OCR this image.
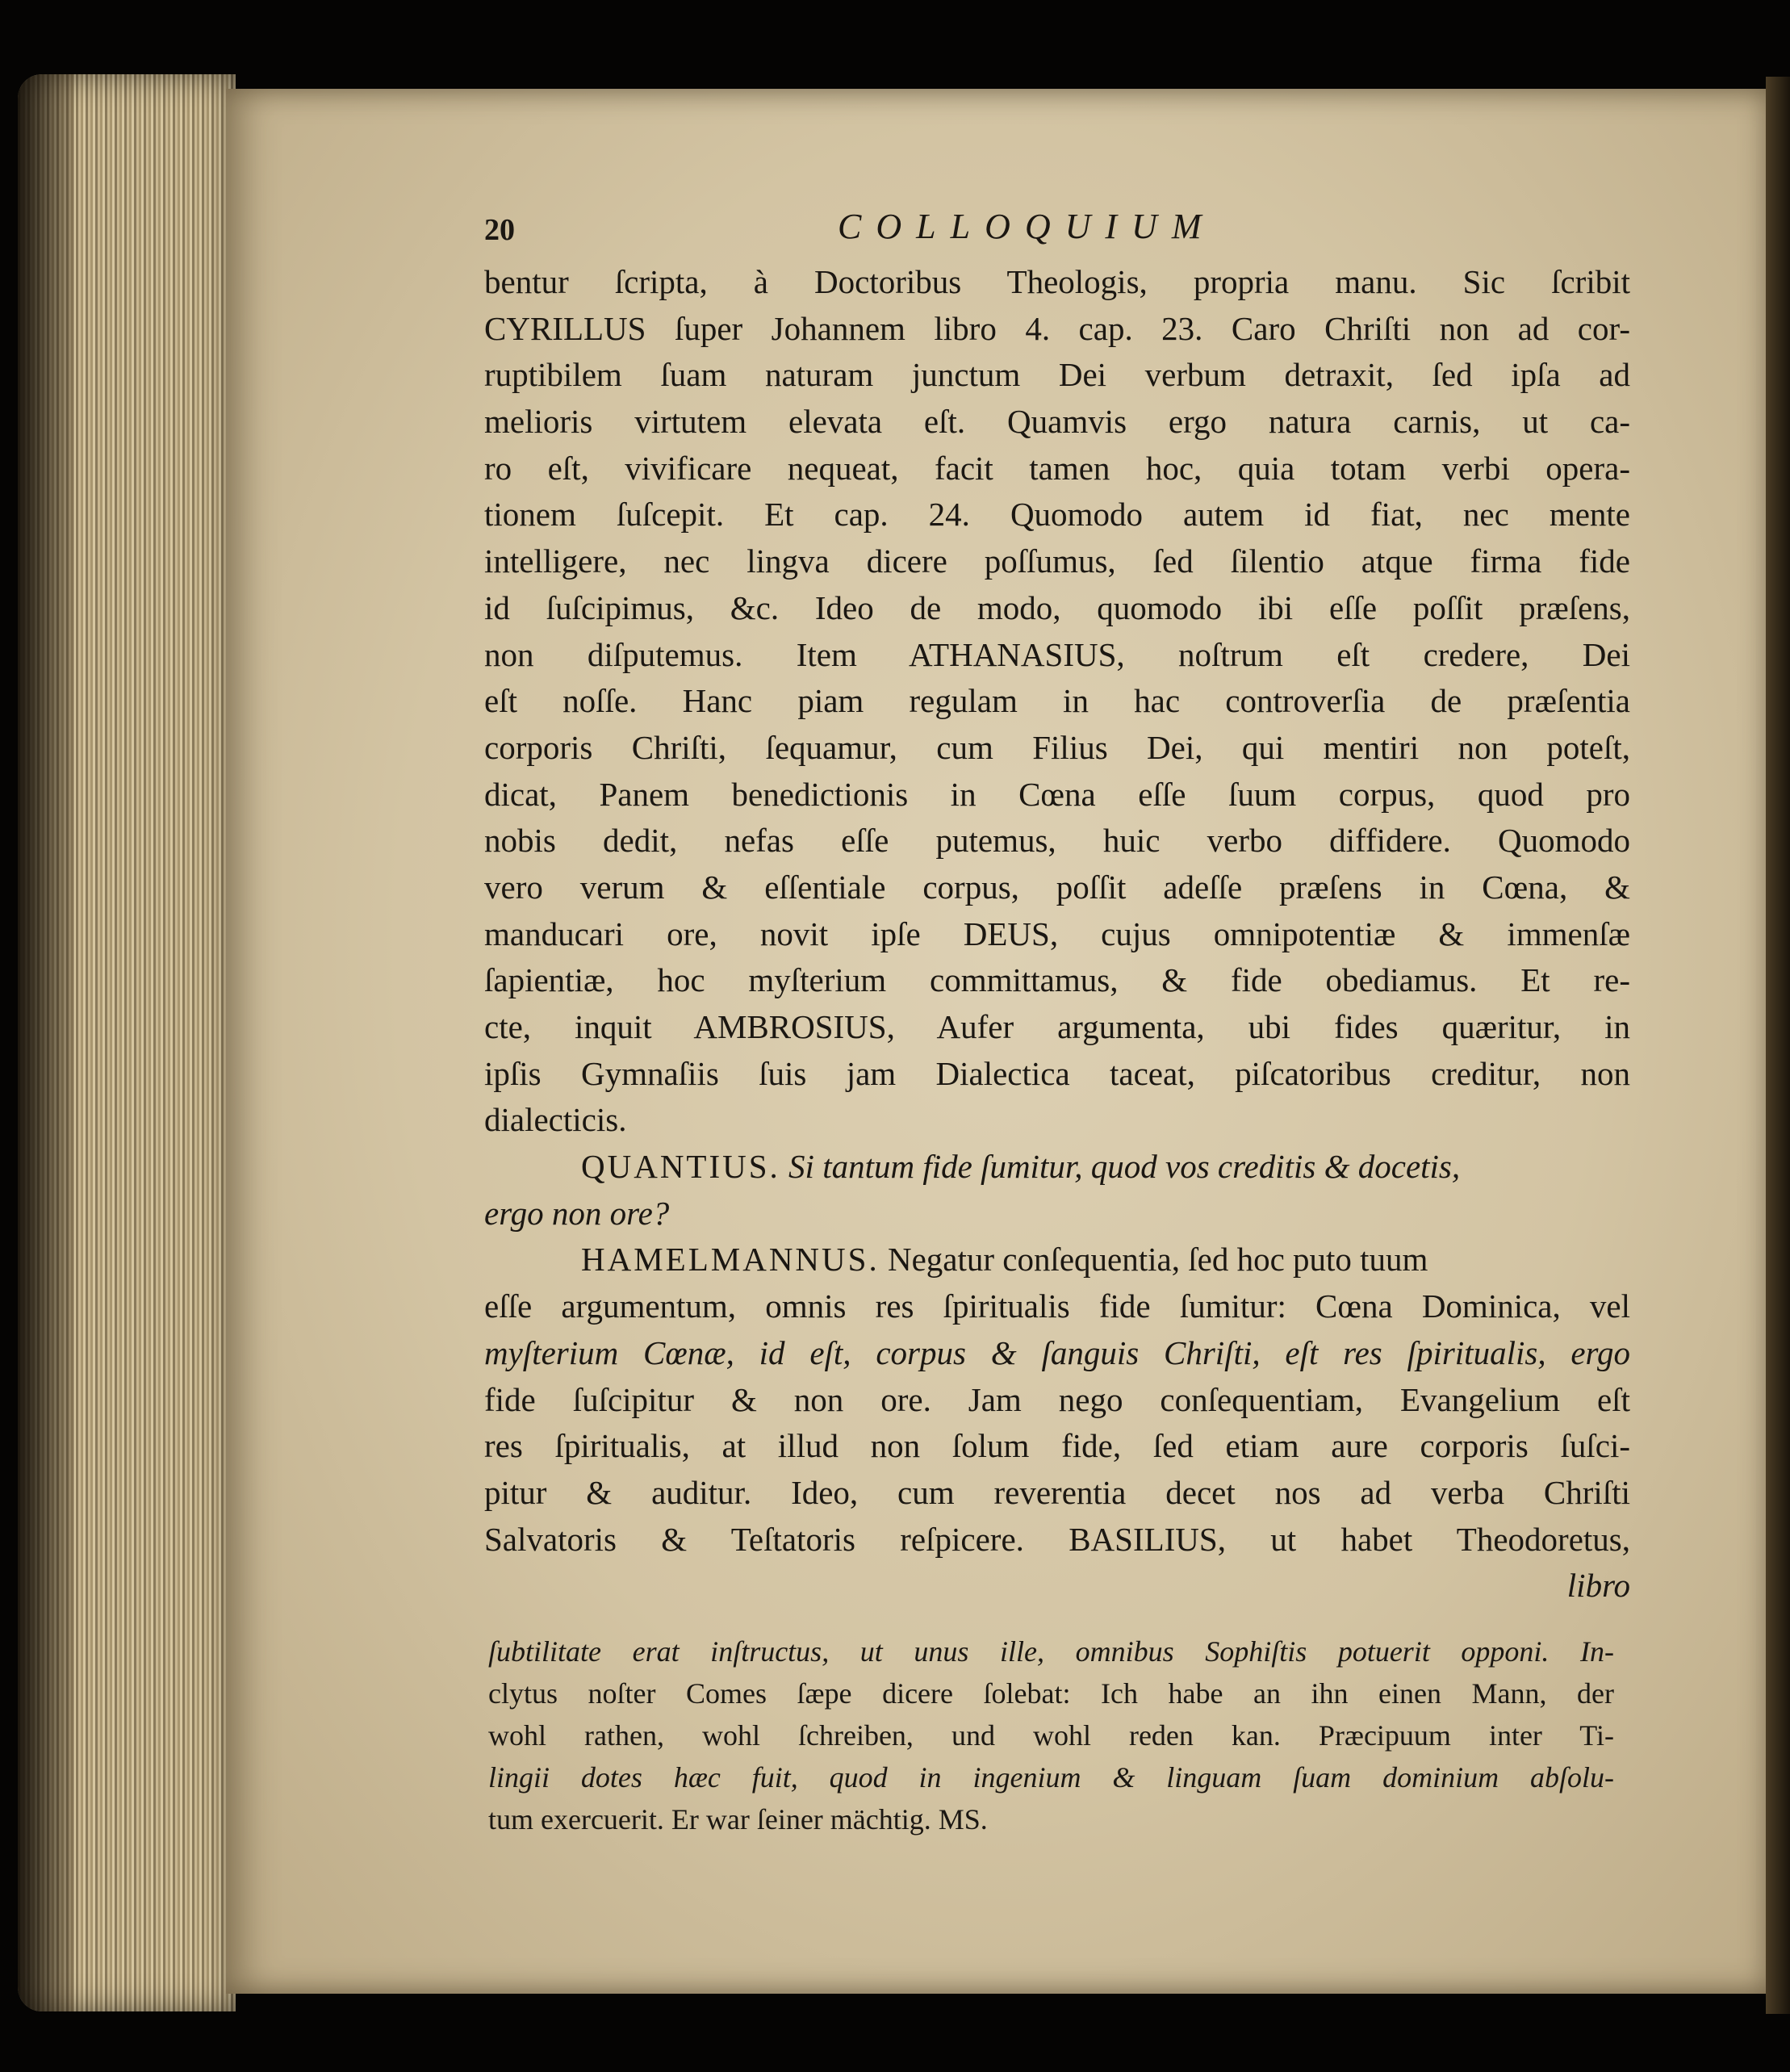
20	COLLOQUIUM
bentur ſcripta, à Doctoribus Theologis, propria manu. Sic ſcribit
CYRILLUS ſuper Johannem libro 4. cap. 23. Caro Chriſti non ad cor-
ruptibilem ſuam naturam junctum Dei verbum detraxit, ſed ipſa ad
melioris virtutem elevata eſt. Quamvis ergo natura carnis, ut ca-
ro eſt, vivificare nequeat, facit tamen hoc, quia totam verbi opera-
tionem ſuſcepit. Et cap. 24. Quomodo autem id fiat, nec mente
intelligere, nec lingva dicere poſſumus, ſed ſilentio atque firma fide
id ſuſcipimus, &c. Ideo de modo, quomodo ibi eſſe poſſit præſens,
non diſputemus. Item ATHANASIUS, noſtrum eſt credere, Dei
eſt noſſe. Hanc piam regulam in hac controverſia de præſentia
corporis Chriſti, ſequamur, cum Filius Dei, qui mentiri non poteſt,
dicat, Panem benedictionis in Cœna eſſe ſuum corpus, quod pro
nobis dedit, nefas eſſe putemus, huic verbo diffidere. Quomodo
vero verum & eſſentiale corpus, poſſit adeſſe præſens in Cœna, &
manducari ore, novit ipſe DEUS, cujus omnipotentiæ & immenſæ
ſapientiæ, hoc myſterium committamus, & fide obediamus. Et re-
cte, inquit AMBROSIUS, Aufer argumenta, ubi fides quæritur, in
ipſis Gymnaſiis ſuis jam Dialectica taceat, piſcatoribus creditur, non
dialecticis.
QUANTIUS. Si tantum fide ſumitur, quod vos creditis & docetis,
ergo non ore?
HAMELMANNUS. Negatur conſequentia, ſed hoc puto tuum
eſſe argumentum, omnis res ſpiritualis fide ſumitur: Cœna Dominica, vel
myſterium Cœnæ, id eſt, corpus & ſanguis Chriſti, eſt res ſpiritualis, ergo
fide ſuſcipitur & non ore. Jam nego conſequentiam, Evangelium eſt
res ſpiritualis, at illud non ſolum fide, ſed etiam aure corporis ſuſci-
pitur & auditur. Ideo, cum reverentia decet nos ad verba Chriſti
Salvatoris & Teſtatoris reſpicere. BASILIUS, ut habet Theodoretus,
libro
ſubtilitate erat inſtructus, ut unus ille, omnibus Sophiſtis potuerit opponi. In-
clytus noſter Comes ſæpe dicere ſolebat: Ich habe an ihn einen Mann, der
wohl rathen, wohl ſchreiben, und wohl reden kan. Præcipuum inter Ti-
lingii dotes hæc fuit, quod in ingenium & linguam ſuam dominium abſolu-
tum exercuerit. Er war ſeiner mächtig. MS.
